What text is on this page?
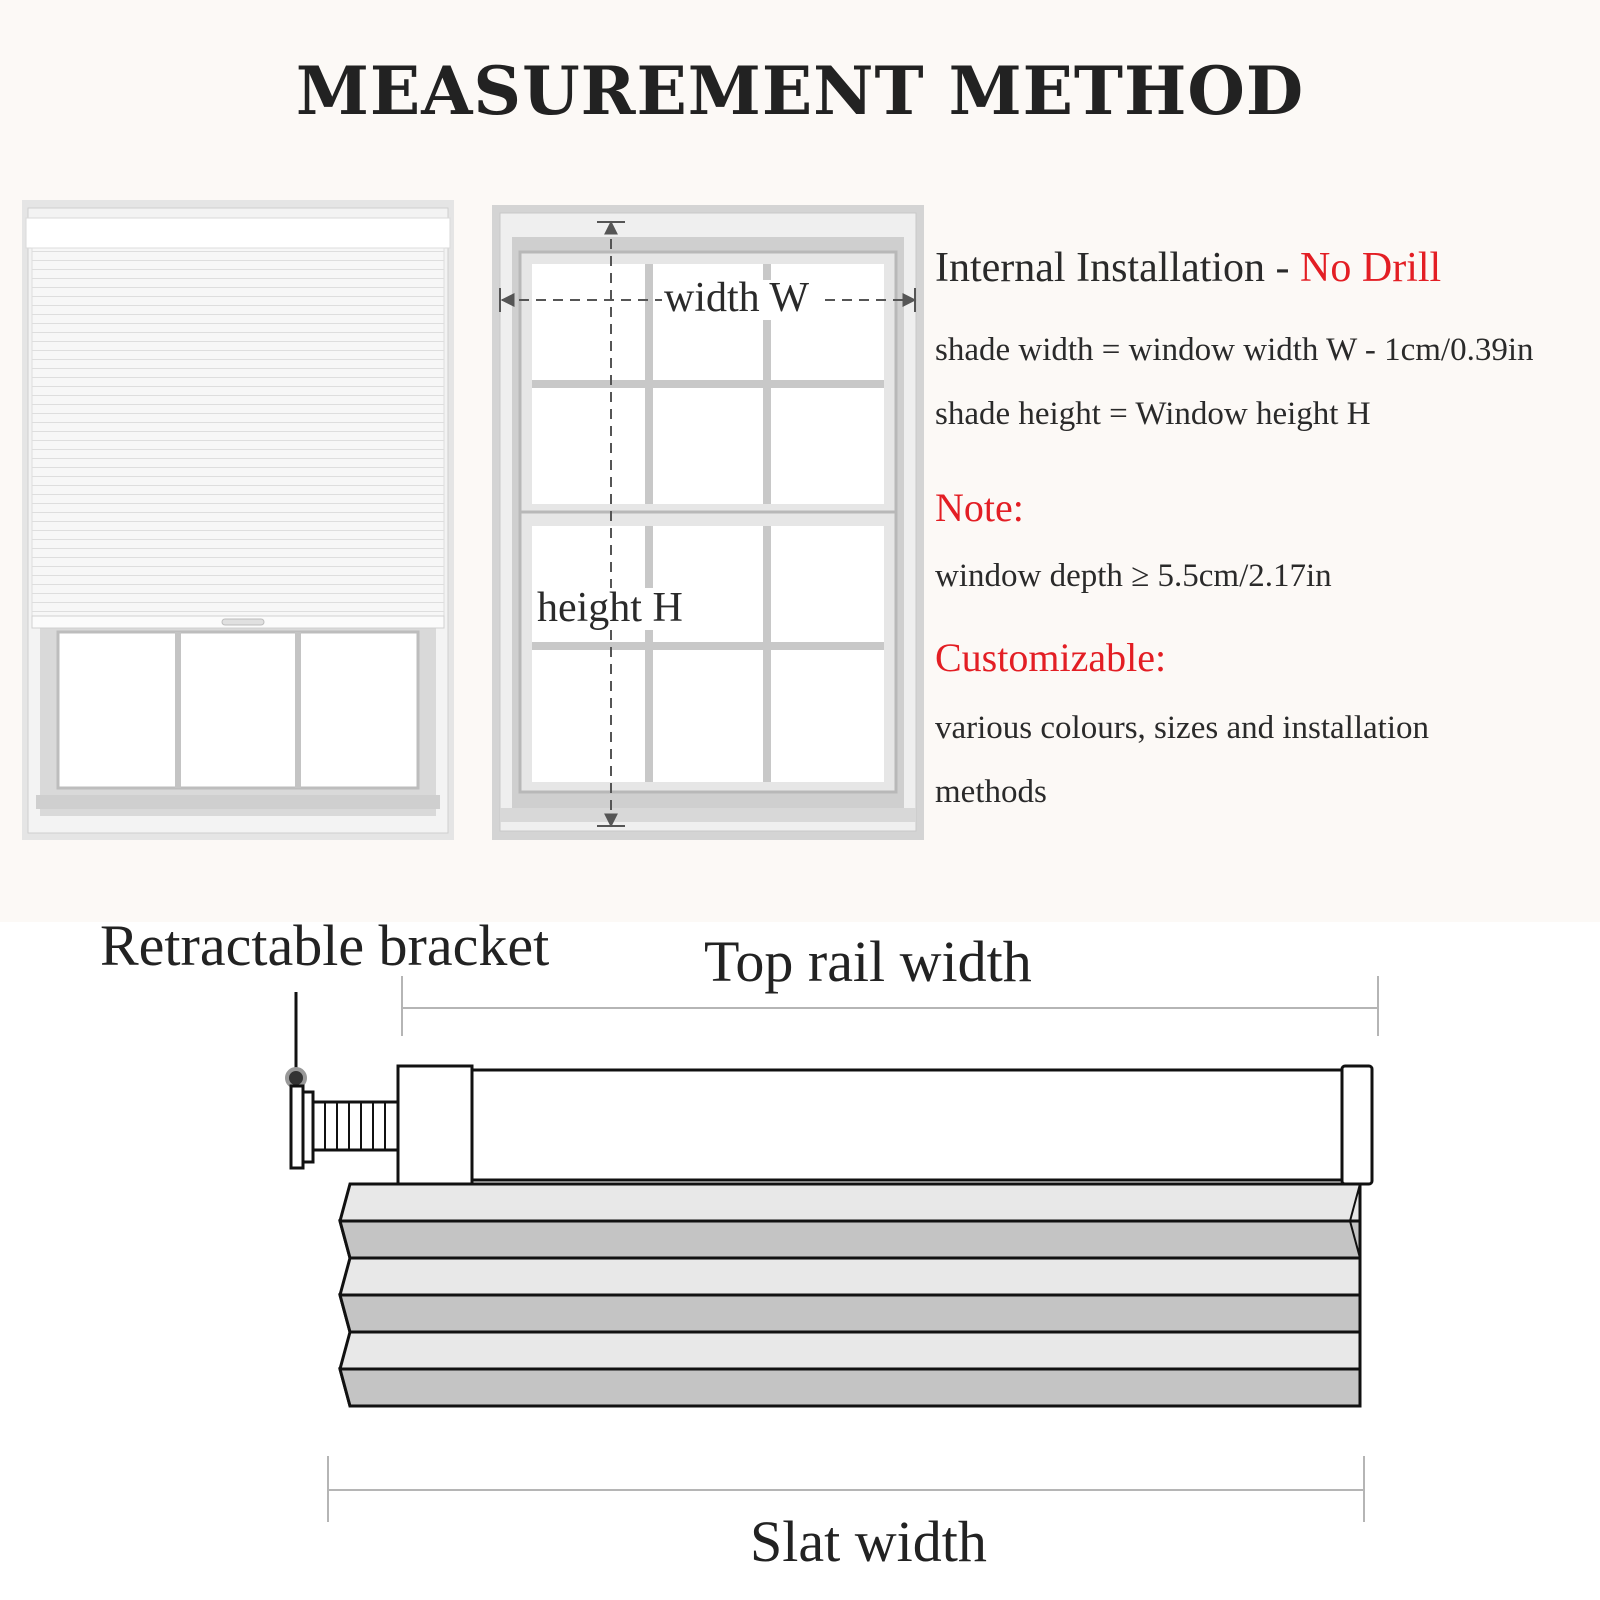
MEASUREMENT METHOD
width W
height H
Internal Installation - No Drill
shade width = window width W - 1cm/0.39in
shade height = Window height H
Note:
window depth ≥ 5.5cm/2.17in
Customizable:
various colours, sizes and installation
methods
Retractable bracket	Top rail width
Slat width
